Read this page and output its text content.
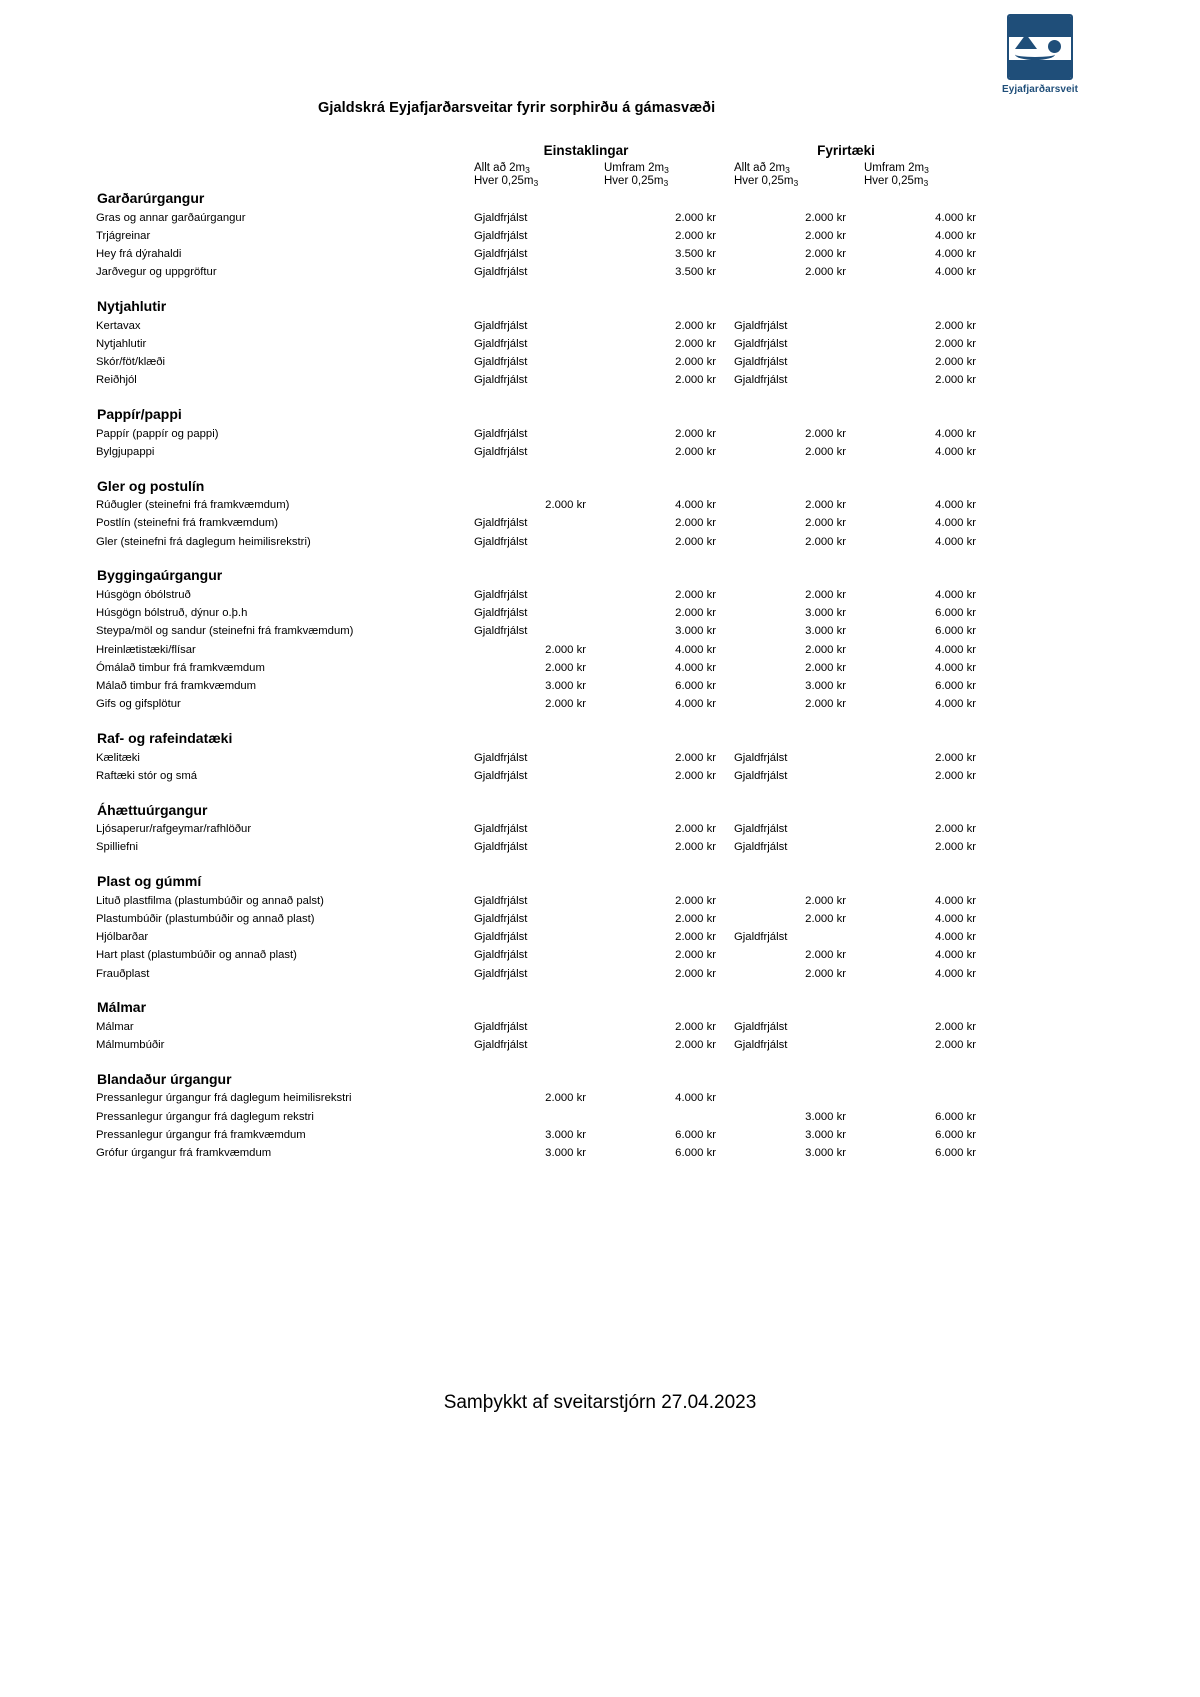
Eyjafjarðarsveit
Gjaldskrá Eyjafjarðarsveitar fyrir sorphirðu á gámasvæði
	Einstaklingar		Fyrirtæki	
	Allt að 2m3	Umfram 2m3	Allt að 2m3	Umfram 2m3
	Hver 0,25m3	Hver 0,25m3	Hver 0,25m3	Hver 0,25m3
Garðarúrgangur				
Gras og annar garðaúrgangur	Gjaldfrjálst	2.000 kr	2.000 kr	4.000 kr
Trjágreinar	Gjaldfrjálst	2.000 kr	2.000 kr	4.000 kr
Hey frá dýrahaldi	Gjaldfrjálst	3.500 kr	2.000 kr	4.000 kr
Jarðvegur og uppgröftur	Gjaldfrjálst	3.500 kr	2.000 kr	4.000 kr
Nytjahlutir				
Kertavax	Gjaldfrjálst	2.000 kr	Gjaldfrjálst	2.000 kr
Nytjahlutir	Gjaldfrjálst	2.000 kr	Gjaldfrjálst	2.000 kr
Skór/föt/klæði	Gjaldfrjálst	2.000 kr	Gjaldfrjálst	2.000 kr
Reiðhjól	Gjaldfrjálst	2.000 kr	Gjaldfrjálst	2.000 kr
Pappír/pappi				
Pappír (pappír og pappi)	Gjaldfrjálst	2.000 kr	2.000 kr	4.000 kr
Bylgjupappi	Gjaldfrjálst	2.000 kr	2.000 kr	4.000 kr
Gler og postulín				
Rúðugler (steinefni frá framkvæmdum)	2.000 kr	4.000 kr	2.000 kr	4.000 kr
Postlín (steinefni frá framkvæmdum)	Gjaldfrjálst	2.000 kr	2.000 kr	4.000 kr
Gler (steinefni frá daglegum heimilisrekstri)	Gjaldfrjálst	2.000 kr	2.000 kr	4.000 kr
Byggingaúrgangur				
Húsgögn óbólstruð	Gjaldfrjálst	2.000 kr	2.000 kr	4.000 kr
Húsgögn bólstruð, dýnur o.þ.h	Gjaldfrjálst	2.000 kr	3.000 kr	6.000 kr
Steypa/möl og sandur (steinefni frá framkvæmdum)	Gjaldfrjálst	3.000 kr	3.000 kr	6.000 kr
Hreinlætistæki/flísar	2.000 kr	4.000 kr	2.000 kr	4.000 kr
Ómálað timbur frá framkvæmdum	2.000 kr	4.000 kr	2.000 kr	4.000 kr
Málað timbur frá framkvæmdum	3.000 kr	6.000 kr	3.000 kr	6.000 kr
Gifs og gifsplötur	2.000 kr	4.000 kr	2.000 kr	4.000 kr
Raf- og rafeindatæki				
Kælitæki	Gjaldfrjálst	2.000 kr	Gjaldfrjálst	2.000 kr
Raftæki stór og smá	Gjaldfrjálst	2.000 kr	Gjaldfrjálst	2.000 kr
Áhættuúrgangur				
Ljósaperur/rafgeymar/rafhlöður	Gjaldfrjálst	2.000 kr	Gjaldfrjálst	2.000 kr
Spilliefni	Gjaldfrjálst	2.000 kr	Gjaldfrjálst	2.000 kr
Plast og gúmmí				
Lituð plastfilma (plastumbúðir og annað palst)	Gjaldfrjálst	2.000 kr	2.000 kr	4.000 kr
Plastumbúðir (plastumbúðir og annað plast)	Gjaldfrjálst	2.000 kr	2.000 kr	4.000 kr
Hjólbarðar	Gjaldfrjálst	2.000 kr	Gjaldfrjálst	4.000 kr
Hart plast (plastumbúðir og annað plast)	Gjaldfrjálst	2.000 kr	2.000 kr	4.000 kr
Frauðplast	Gjaldfrjálst	2.000 kr	2.000 kr	4.000 kr
Málmar				
Málmar	Gjaldfrjálst	2.000 kr	Gjaldfrjálst	2.000 kr
Málmumbúðir	Gjaldfrjálst	2.000 kr	Gjaldfrjálst	2.000 kr
Blandaður úrgangur				
Pressanlegur úrgangur frá daglegum heimilisrekstri	2.000 kr	4.000 kr		
Pressanlegur úrgangur frá daglegum rekstri			3.000 kr	6.000 kr
Pressanlegur úrgangur frá framkvæmdum	3.000 kr	6.000 kr	3.000 kr	6.000 kr
Grófur úrgangur frá framkvæmdum	3.000 kr	6.000 kr	3.000 kr	6.000 kr
Samþykkt af sveitarstjórn 27.04.2023
